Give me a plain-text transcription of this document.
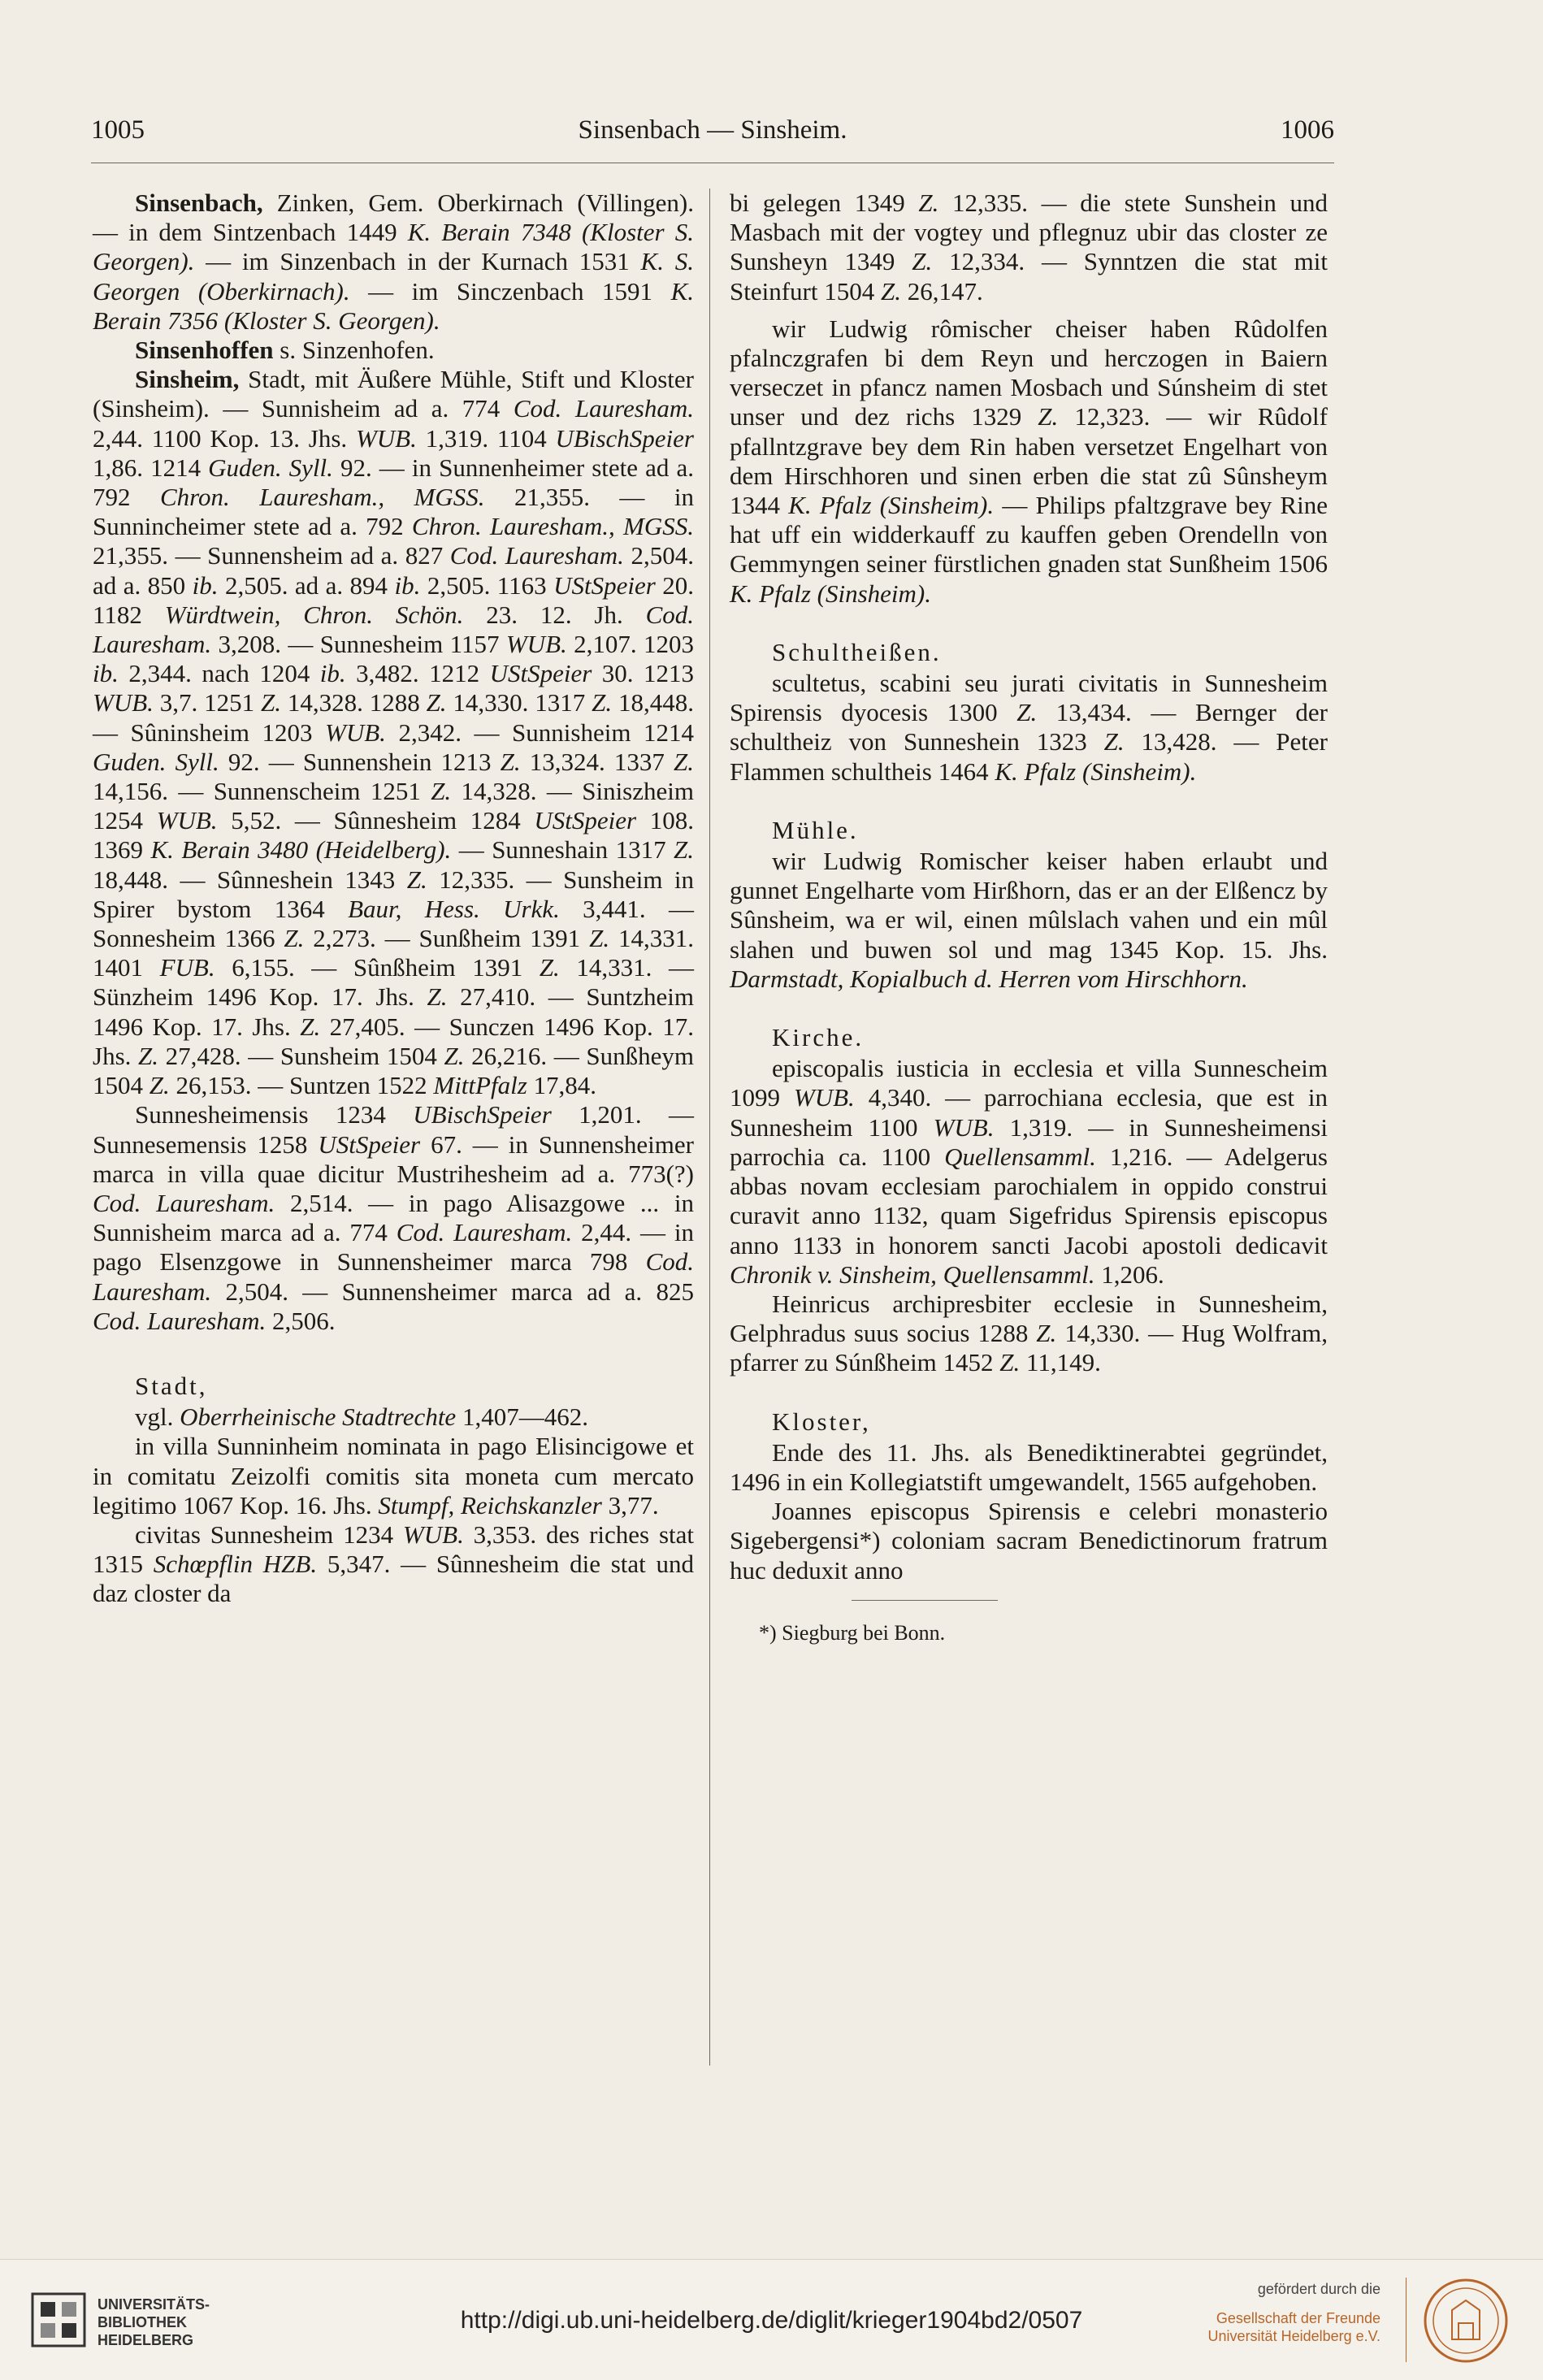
1005	Sinsenbach — Sinsheim.	1006

Sinsenbach, Zinken, Gem. Oberkirnach (Villingen). — in dem Sintzenbach 1449 K. Berain 7348 (Kloster S. Georgen). — im Sinzenbach in der Kurnach 1531 K. S. Georgen (Oberkirnach). — im Sinczenbach 1591 K. Berain 7356 (Kloster S. Georgen).

Sinsenhoffen s. Sinzenhofen.

Sinsheim, Stadt, mit Äußere Mühle, Stift und Kloster (Sinsheim). — Sunnisheim ad a. 774 Cod. Lauresham. 2,44. 1100 Kop. 13. Jhs. WUB. 1,319. 1104 UBischSpeier 1,86. 1214 Guden. Syll. 92. — in Sunnenheimer stete ad a. 792 Chron. Lauresham., MGSS. 21,355. — in Sunnincheimer stete ad a. 792 Chron. Lauresham., MGSS. 21,355. — Sunnensheim ad a. 827 Cod. Lauresham. 2,504. ad a. 850 ib. 2,505. ad a. 894 ib. 2,505. 1163 UStSpeier 20. 1182 Würdtwein, Chron. Schön. 23. 12. Jh. Cod. Lauresham. 3,208. — Sunnesheim 1157 WUB. 2,107. 1203 ib. 2,344. nach 1204 ib. 3,482. 1212 UStSpeier 30. 1213 WUB. 3,7. 1251 Z. 14,328. 1288 Z. 14,330. 1317 Z. 18,448. — Sûninsheim 1203 WUB. 2,342. — Sunnisheim 1214 Guden. Syll. 92. — Sunnenshein 1213 Z. 13,324. 1337 Z. 14,156. — Sunnenscheim 1251 Z. 14,328. — Siniszheim 1254 WUB. 5,52. — Sûnnesheim 1284 UStSpeier 108. 1369 K. Berain 3480 (Heidelberg). — Sunneshain 1317 Z. 18,448. — Sûnneshein 1343 Z. 12,335. — Sunsheim in Spirer bystom 1364 Baur, Hess. Urkk. 3,441. — Sonnesheim 1366 Z. 2,273. — Sunßheim 1391 Z. 14,331. 1401 FUB. 6,155. — Sûnßheim 1391 Z. 14,331. — Sünzheim 1496 Kop. 17. Jhs. Z. 27,410. — Suntzheim 1496 Kop. 17. Jhs. Z. 27,405. — Sunczen 1496 Kop. 17. Jhs. Z. 27,428. — Sunsheim 1504 Z. 26,216. — Sunßheym 1504 Z. 26,153. — Suntzen 1522 MittPfalz 17,84.

Sunnesheimensis 1234 UBischSpeier 1,201. — Sunnesemensis 1258 UStSpeier 67. — in Sunnensheimer marca in villa quae dicitur Mustrihesheim ad a. 773(?) Cod. Lauresham. 2,514. — in pago Alisazgowe ... in Sunnisheim marca ad a. 774 Cod. Lauresham. 2,44. — in pago Elsenzgowe in Sunnensheimer marca 798 Cod. Lauresham. 2,504. — Sunnensheimer marca ad a. 825 Cod. Lauresham. 2,506.

Stadt,

vgl. Oberrheinische Stadtrechte 1,407—462.

in villa Sunninheim nominata in pago Elisincigowe et in comitatu Zeizolfi comitis sita moneta cum mercato legitimo 1067 Kop. 16. Jhs. Stumpf, Reichskanzler 3,77.

civitas Sunnesheim 1234 WUB. 3,353. des riches stat 1315 Schœpflin HZB. 5,347. — Sûnnesheim die stat und daz closter da

bi gelegen 1349 Z. 12,335. — die stete Sunshein und Masbach mit der vogtey und pflegnuz ubir das closter ze Sunsheyn 1349 Z. 12,334. — Synntzen die stat mit Steinfurt 1504 Z. 26,147.

wir Ludwig rômischer cheiser haben Rûdolfen pfalnczgrafen bi dem Reyn und herczogen in Baiern verseczet in pfancz namen Mosbach und Súnsheim di stet unser und dez richs 1329 Z. 12,323. — wir Rûdolf pfallntzgrave bey dem Rin haben versetzet Engelhart von dem Hirschhoren und sinen erben die stat zû Sûnsheym 1344 K. Pfalz (Sinsheim). — Philips pfaltzgrave bey Rine hat uff ein widderkauff zu kauffen geben Orendelln von Gemmyngen seiner fürstlichen gnaden stat Sunßheim 1506 K. Pfalz (Sinsheim).

Schultheißen.

scultetus, scabini seu jurati civitatis in Sunnesheim Spirensis dyocesis 1300 Z. 13,434. — Bernger der schultheiz von Sunneshein 1323 Z. 13,428. — Peter Flammen schultheis 1464 K. Pfalz (Sinsheim).

Mühle.

wir Ludwig Romischer keiser haben erlaubt und gunnet Engelharte vom Hirßhorn, das er an der Elßencz by Sûnsheim, wa er wil, einen mûlslach vahen und ein mûl slahen und buwen sol und mag 1345 Kop. 15. Jhs. Darmstadt, Kopialbuch d. Herren vom Hirschhorn.

Kirche.

episcopalis iusticia in ecclesia et villa Sunnescheim 1099 WUB. 4,340. — parrochiana ecclesia, que est in Sunnesheim 1100 WUB. 1,319. — in Sunnesheimensi parrochia ca. 1100 Quellensamml. 1,216. — Adelgerus abbas novam ecclesiam parochialem in oppido construi curavit anno 1132, quam Sigefridus Spirensis episcopus anno 1133 in honorem sancti Jacobi apostoli dedicavit Chronik v. Sinsheim, Quellensamml. 1,206.

Heinricus archipresbiter ecclesie in Sunnesheim, Gelphradus suus socius 1288 Z. 14,330. — Hug Wolfram, pfarrer zu Súnßheim 1452 Z. 11,149.

Kloster,

Ende des 11. Jhs. als Benediktinerabtei gegründet, 1496 in ein Kollegiatstift umgewandelt, 1565 aufgehoben.

Joannes episcopus Spirensis e celebri monasterio Sigebergensi*) coloniam sacram Benedictinorum fratrum huc deduxit anno

*) Siegburg bei Bonn.

UNIVERSITÄTS-
BIBLIOTHEK
HEIDELBERG
http://digi.ub.uni-heidelberg.de/diglit/krieger1904bd2/0507
gefördert durch die
Gesellschaft der Freunde
Universität Heidelberg e.V.
